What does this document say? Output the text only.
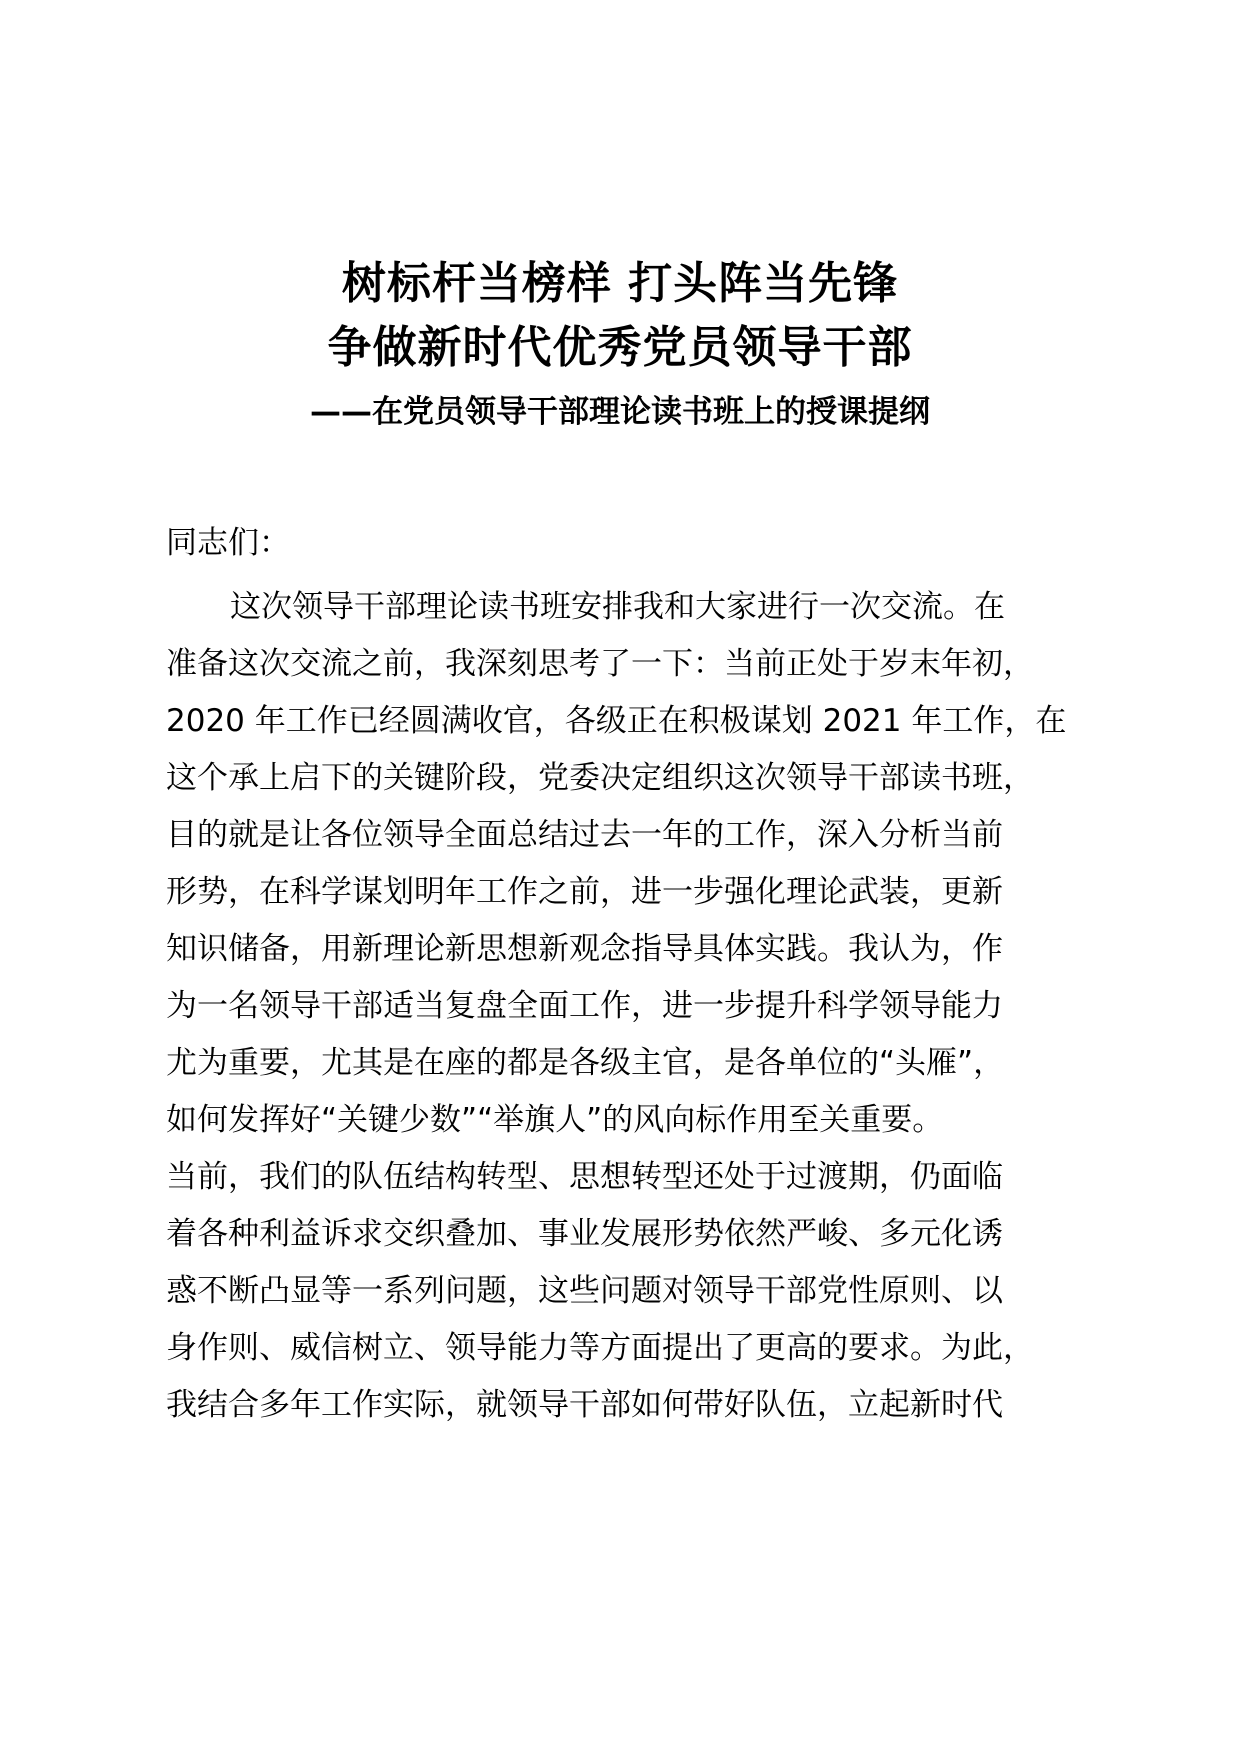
树标杆当榜样 打头阵当先锋
争做新时代优秀党员领导干部
——在党员领导干部理论读书班上的授课提纲
同志们：
这次领导干部理论读书班安排我和大家进行一次交流。在
准备这次交流之前，我深刻思考了一下：当前正处于岁末年初，
2020 年工作已经圆满收官，各级正在积极谋划 2021 年工作，在
这个承上启下的关键阶段，党委决定组织这次领导干部读书班，
目的就是让各位领导全面总结过去一年的工作，深入分析当前
形势，在科学谋划明年工作之前，进一步强化理论武装，更新
知识储备，用新理论新思想新观念指导具体实践。我认为，作
为一名领导干部适当复盘全面工作，进一步提升科学领导能力
尤为重要，尤其是在座的都是各级主官，是各单位的“头雁”，
如何发挥好“关键少数”“举旗人”的风向标作用至关重要。
当前，我们的队伍结构转型、思想转型还处于过渡期，仍面临
着各种利益诉求交织叠加、事业发展形势依然严峻、多元化诱
惑不断凸显等一系列问题，这些问题对领导干部党性原则、以
身作则、威信树立、领导能力等方面提出了更高的要求。为此，
我结合多年工作实际，就领导干部如何带好队伍，立起新时代
